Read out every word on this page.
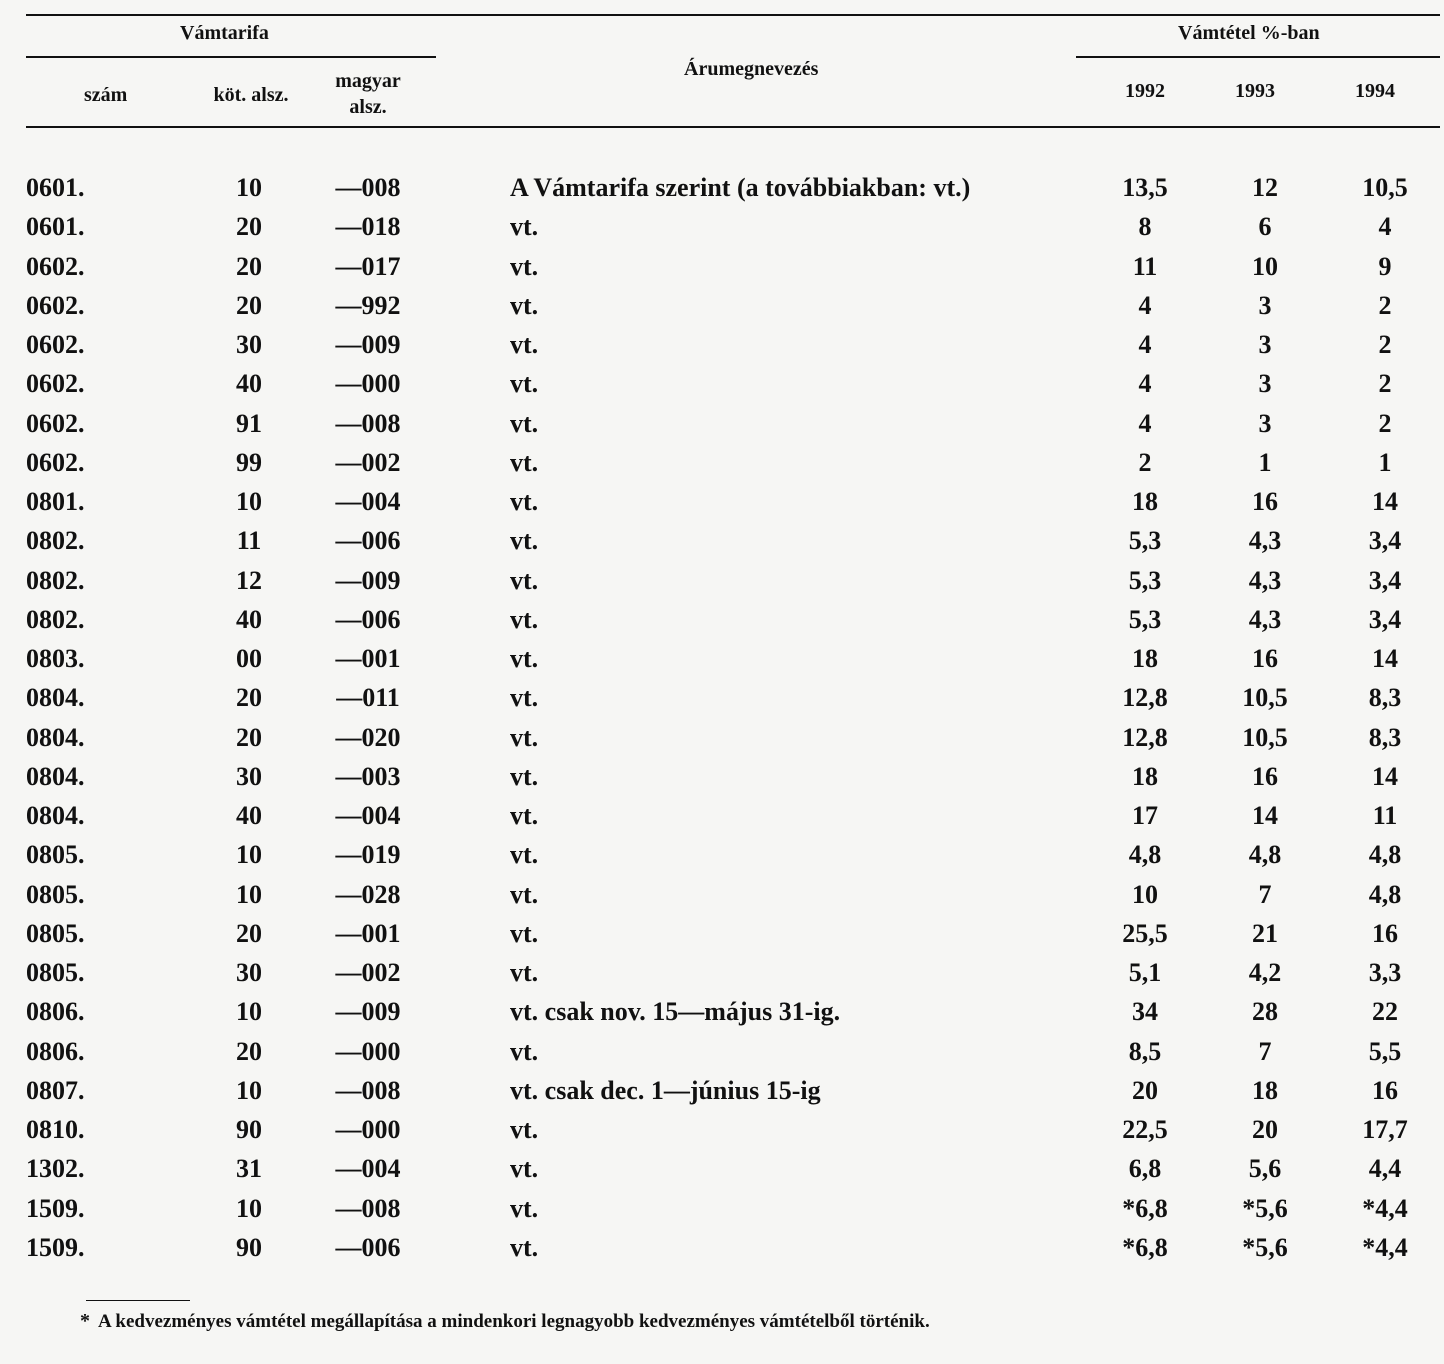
Vámtarifa	Vámtétel %-ban
Árumegnevezés
szám	köt. alsz.
magyar
alsz.
1992	1993	1994
0601.	10	—008	A Vámtarifa szerint (a továbbiakban: vt.)	13,5	12	10,5
0601.	20	—018	vt.	8	6	4
0602.	20	—017	vt.	11	10	9
0602.	20	—992	vt.	4	3	2
0602.	30	—009	vt.	4	3	2
0602.	40	—000	vt.	4	3	2
0602.	91	—008	vt.	4	3	2
0602.	99	—002	vt.	2	1	1
0801.	10	—004	vt.	18	16	14
0802.	11	—006	vt.	5,3	4,3	3,4
0802.	12	—009	vt.	5,3	4,3	3,4
0802.	40	—006	vt.	5,3	4,3	3,4
0803.	00	—001	vt.	18	16	14
0804.	20	—011	vt.	12,8	10,5	8,3
0804.	20	—020	vt.	12,8	10,5	8,3
0804.	30	—003	vt.	18	16	14
0804.	40	—004	vt.	17	14	11
0805.	10	—019	vt.	4,8	4,8	4,8
0805.	10	—028	vt.	10	7	4,8
0805.	20	—001	vt.	25,5	21	16
0805.	30	—002	vt.	5,1	4,2	3,3
0806.	10	—009	vt. csak nov. 15—május 31-ig.	34	28	22
0806.	20	—000	vt.	8,5	7	5,5
0807.	10	—008	vt. csak dec. 1—június 15-ig	20	18	16
0810.	90	—000	vt.	22,5	20	17,7
1302.	31	—004	vt.	6,8	5,6	4,4
1509.	10	—008	vt.	*6,8	*5,6	*4,4
1509.	90	—006	vt.	*6,8	*5,6	*4,4
* A kedvezményes vámtétel megállapítása a mindenkori legnagyobb kedvezményes vámtételből történik.
